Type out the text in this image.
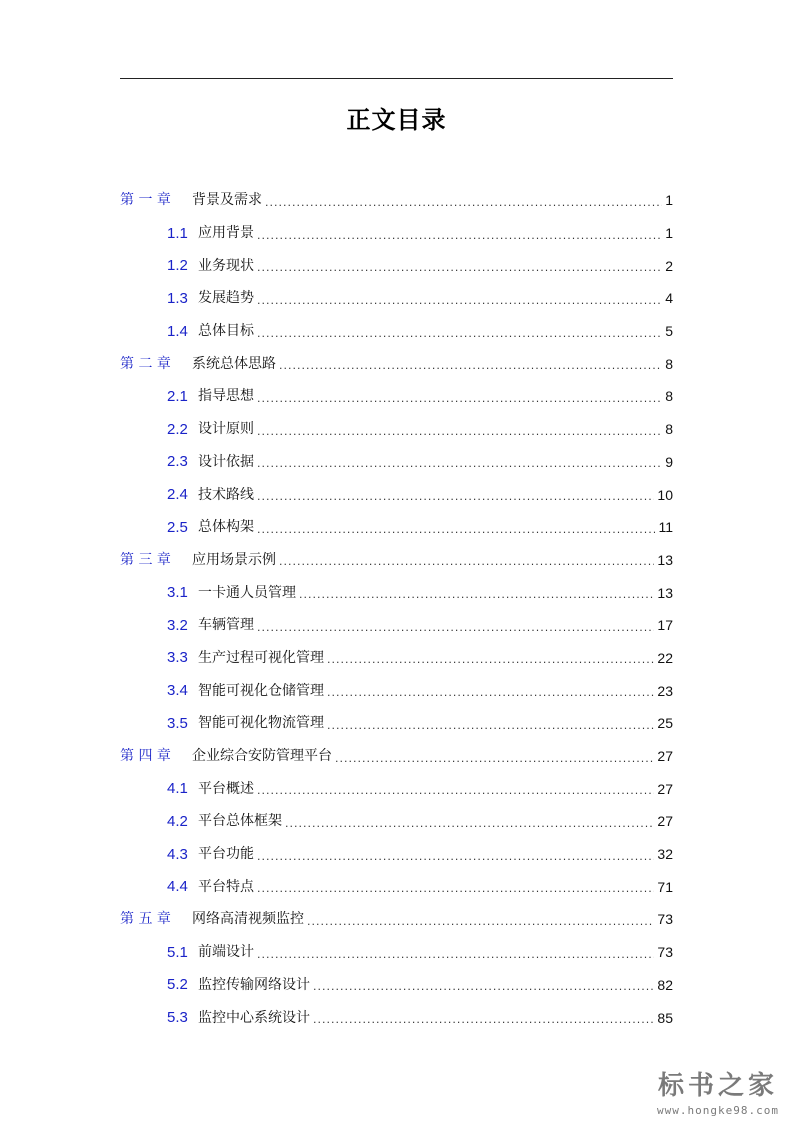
正文目录
第 一 章	背景及需求 .....	1
1.1 应用背景 .....	1
1.2 业务现状 .....	2
1.3 发展趋势 .....	4
1.4 总体目标 .....	5
第 二 章	系统总体思路 .....	8
2.1 指导思想 .....	8
2.2 设计原则 .....	8
2.3 设计依据 .....	9
2.4 技术路线 .....	10
2.5 总体构架 .....	11
第 三 章	应用场景示例 .....	13
3.1 一卡通人员管理 .....	13
3.2 车辆管理 .....	17
3.3 生产过程可视化管理 .....	22
3.4 智能可视化仓储管理 .....	23
3.5 智能可视化物流管理 .....	25
第 四 章	企业综合安防管理平台 .....	27
4.1 平台概述 .....	27
4.2 平台总体框架 .....	27
4.3 平台功能 .....	32
4.4 平台特点 .....	71
第 五 章	网络高清视频监控 .....	73
5.1 前端设计 .....	73
5.2 监控传输网络设计 .....	82
5.3 监控中心系统设计 .....	85
标书之家
www.hongke98.com
